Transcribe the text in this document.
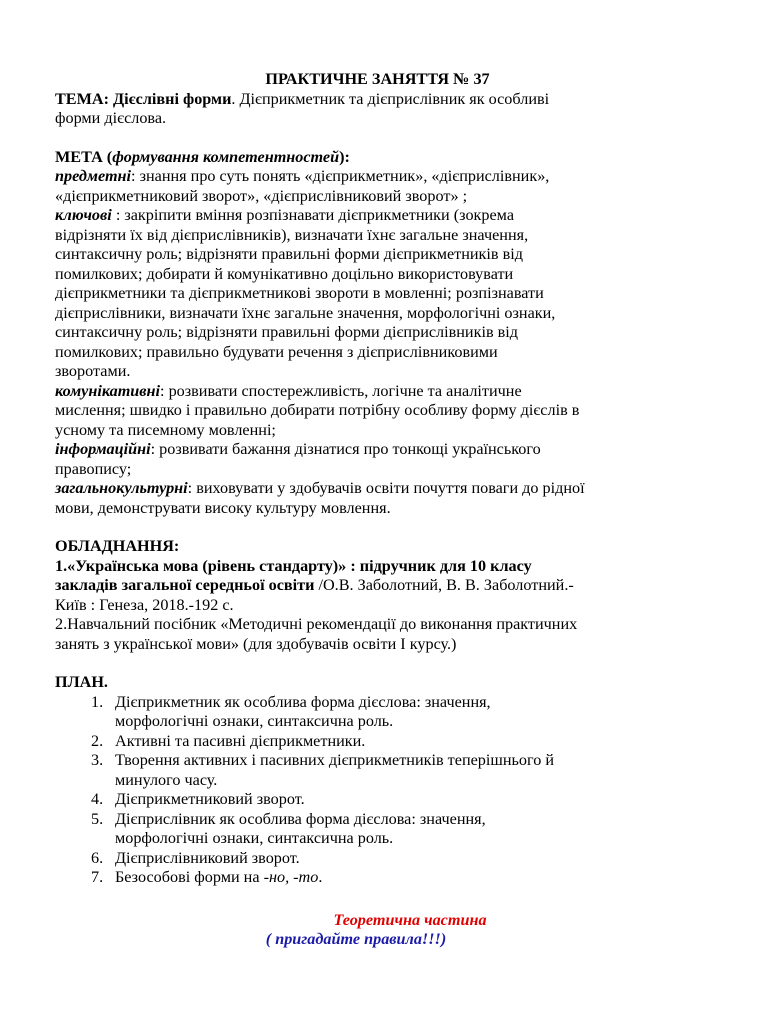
ПРАКТИЧНЕ ЗАНЯТТЯ № 37

ТЕМА: Дієслівні форми. Дієприкметник та дієприслівник як особливі

форми дієслова.

МЕТА (формування компетентностей):

предметні: знання про суть понять «дієприкметник», «дієприслівник»,

«дієприкметниковий зворот», «дієприслівниковий зворот» ;

ключові : закріпити вміння розпізнавати дієприкметники (зокрема

відрізняти їх від дієприслівників), визначати їхнє загальне значення,

синтаксичну роль; відрізняти правильні форми дієприкметників від

помилкових; добирати й комунікативно доцільно використовувати

дієприкметники та дієприкметникові звороти в мовленні; розпізнавати

дієприслівники, визначати їхнє загальне значення, морфологічні ознаки,

синтаксичну роль; відрізняти правильні форми дієприслівників від

помилкових; правильно будувати речення з дієприслівниковими

зворотами.

комунікативні: розвивати спостережливість, логічне та аналітичне

мислення; швидко і правильно добирати потрібну особливу форму дієслів в

усному та писемному мовленні;

інформаційні: розвивати бажання дізнатися про тонкощі українського

правопису;

загальнокультурні: виховувати у здобувачів освіти почуття поваги до рідної

мови, демонструвати високу культуру мовлення.

ОБЛАДНАННЯ:

1.«Українська мова (рівень стандарту)» : підручник для 10 класу

закладів загальної середньої освіти /О.В. Заболотний, В. В. Заболотний.-

Київ : Генеза, 2018.-192 с.

2.Навчальний посібник «Методичні рекомендації до виконання практичних

занять з української мови» (для здобувачів освіти І курсу.)

ПЛАН.

1. Дієприкметник як особлива форма дієслова: значення,
морфологічні ознаки, синтаксична роль.
2. Активні та пасивні дієприкметники.
3. Творення активних і пасивних дієприкметників теперішнього й
минулого часу.
4. Дієприкметниковий зворот.
5. Дієприслівник як особлива форма дієслова: значення,
морфологічні ознаки, синтаксична роль.
6. Дієприслівниковий зворот.
7. Безособові форми на -но, -то.

Теоретична частина

( пригадайте правила!!!)
